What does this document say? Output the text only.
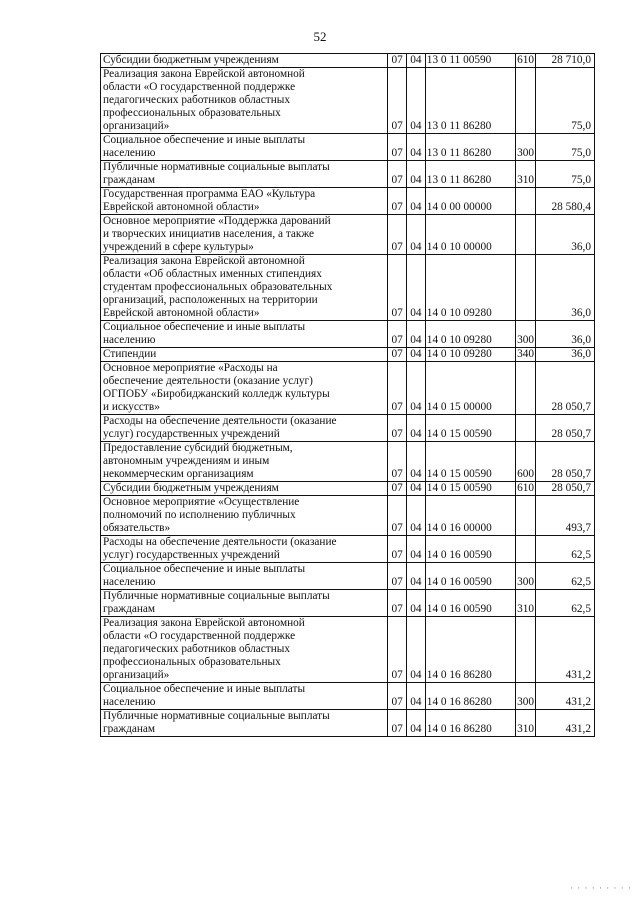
52
Субсидии бюджетным учреждениям	07	04	13 0 11 00590	610	28 710,0
Реализация закона Еврейской автономной
области «О государственной поддержке
педагогических работников областных
профессиональных образовательных
организаций»	07	04	13 0 11 86280		75,0
Социальное обеспечение и иные выплаты
населению	07	04	13 0 11 86280	300	75,0
Публичные нормативные социальные выплаты
гражданам	07	04	13 0 11 86280	310	75,0
Государственная программа ЕАО «Культура
Еврейской автономной области»	07	04	14 0 00 00000		28 580,4
Основное мероприятие «Поддержка дарований
и творческих инициатив населения, а также
учреждений в сфере культуры»	07	04	14 0 10 00000		36,0
Реализация закона Еврейской автономной
области «Об областных именных стипендиях
студентам профессиональных образовательных
организаций, расположенных на территории
Еврейской автономной области»	07	04	14 0 10 09280		36,0
Социальное обеспечение и иные выплаты
населению	07	04	14 0 10 09280	300	36,0
Стипендии	07	04	14 0 10 09280	340	36,0
Основное мероприятие «Расходы на
обеспечение деятельности (оказание услуг)
ОГПОБУ «Биробиджанский колледж культуры
и искусств»	07	04	14 0 15 00000		28 050,7
Расходы на обеспечение деятельности (оказание
услуг) государственных учреждений	07	04	14 0 15 00590		28 050,7
Предоставление субсидий бюджетным,
автономным учреждениям и иным
некоммерческим организациям	07	04	14 0 15 00590	600	28 050,7
Субсидии бюджетным учреждениям	07	04	14 0 15 00590	610	28 050,7
Основное мероприятие «Осуществление
полномочий по исполнению публичных
обязательств»	07	04	14 0 16 00000		493,7
Расходы на обеспечение деятельности (оказание
услуг) государственных учреждений	07	04	14 0 16 00590		62,5
Социальное обеспечение и иные выплаты
населению	07	04	14 0 16 00590	300	62,5
Публичные нормативные социальные выплаты
гражданам	07	04	14 0 16 00590	310	62,5
Реализация закона Еврейской автономной
области «О государственной поддержке
педагогических работников областных
профессиональных образовательных
организаций»	07	04	14 0 16 86280		431,2
Социальное обеспечение и иные выплаты
населению	07	04	14 0 16 86280	300	431,2
Публичные нормативные социальные выплаты
гражданам	07	04	14 0 16 86280	310	431,2
· · · · · · · · ·
